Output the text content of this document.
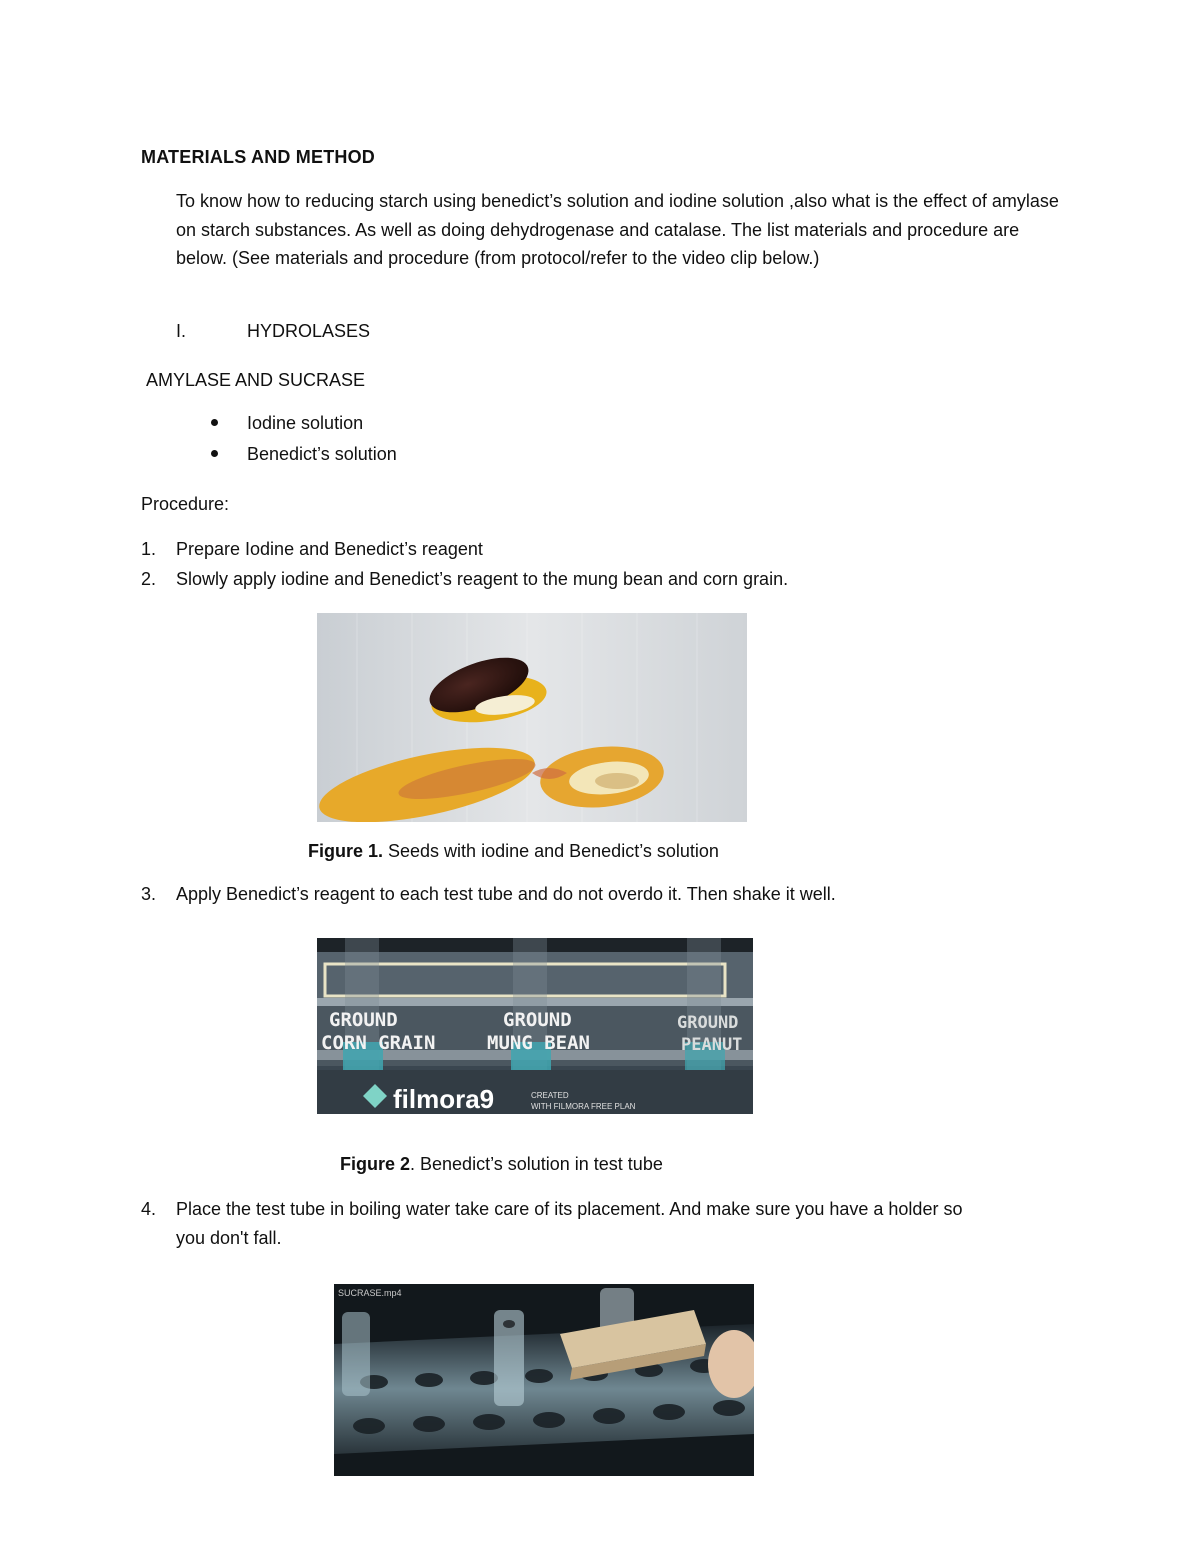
MATERIALS AND METHOD
To know how to reducing starch using benedict’s solution and iodine solution ,also what is the effect of amylase on starch substances. As well as doing dehydrogenase and catalase. The list materials and procedure are below. (See materials and procedure (from protocol/refer to the video clip below.)
I.	HYDROLASES
AMYLASE AND SUCRASE
Iodine solution
Benedict’s solution
Procedure:
1. Prepare Iodine and Benedict’s reagent
2. Slowly apply iodine and Benedict’s reagent to the mung bean and corn grain.
Figure 1. Seeds with iodine and Benedict’s solution
3. Apply Benedict’s reagent to each test tube and do not overdo it. Then shake it well.
GROUND
CORN GRAIN
GROUND
MUNG BEAN
GROUND
PEANUT
filmora9	CREATED
WITH FILMORA FREE PLAN
Figure 2. Benedict’s solution in test tube
4. Place the test tube in boiling water take care of its placement. And make sure you have a holder so
you don't fall.
SUCRASE.mp4
